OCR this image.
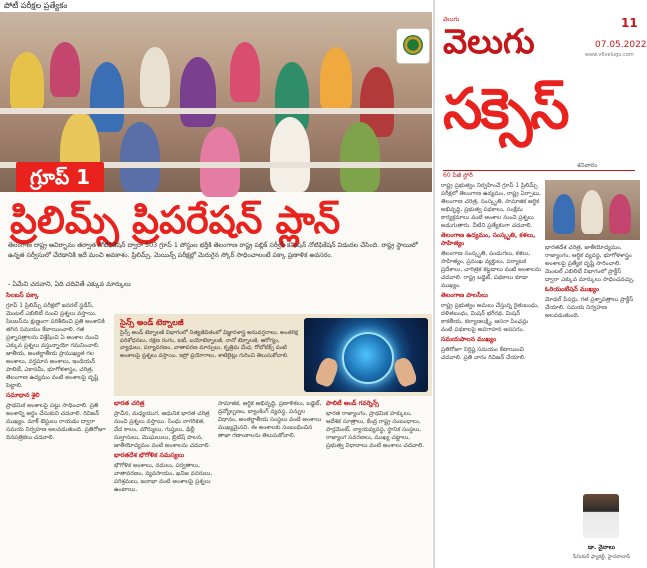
పోటీ పరీక్షల ప్రత్యేకం
గ్రూప్ 1
ప్రిలిమ్స్ ప్రిపరేషన్ ప్లాన్
తెలంగాణ రాష్ట్ర ఆవిర్భావం తర్వాత నోటిఫికేషన్ ద్వారా 503 గ్రూప్ 1 పోస్టుల భర్తీకి తెలంగాణ రాష్ట్ర పబ్లిక్ సర్వీస్ కమిషన్ నోటిఫికేషన్ విడుదల చేసింది. రాష్ట్ర స్థాయిలో ఉన్నత సర్వీసులో చేరడానికి ఇదే మంచి అవకాశం. ప్రిలిమ్స్, మెయిన్స్ పరీక్షల్లో మెరుగైన స్కోర్ సాధించాలంటే పక్కా ప్రణాళిక అవసరం.
- ఏమేని చదవాని, ఏది చదివితే ఎక్కువ మార్కులు

సిలబస్ పక్కా

గ్రూప్ 1 ప్రిలిమ్స్ పరీక్షలో జనరల్ స్టడీస్, మెంటల్ ఎబిలిటీ నుంచి ప్రశ్నలు వస్తాయి. సిలబస్‌ను క్షుణ్ణంగా పరిశీలించి ప్రతి అంశానికి తగిన సమయం కేటాయించాలి. గత ప్రశ్నాపత్రాలను విశ్లేషించి ఏ అంశాల నుంచి ఎక్కువ ప్రశ్నలు వస్తున్నాయో గమనించాలి. జాతీయ, అంతర్జాతీయ ప్రాముఖ్యత గల అంశాలు, వర్తమాన అంశాలు, ఇండియన్ పాలిటీ, ఎకానమీ, భూగోళశాస్త్రం, చరిత్ర, తెలంగాణ ఉద్యమం వంటి అంశాలపై దృష్టి పెట్టాలి.

సమాధాన శైలి

ప్రాథమిక అంశాలపై పట్టు సాధించాలి. ప్రతి అంశాన్ని అర్థం చేసుకుని చదవాలి. రివిజన్ ముఖ్యం. మాక్ టెస్టులు రాయడం ద్వారా సమయ నిర్వహణ అలవడుతుంది. ప్రతిరోజూ దినపత్రికలు చదవాలి.

సైన్స్ అండ్ టెక్నాలజీ
సైన్స్ అండ్ టెక్నాలజీ విభాగంలో నిత్యజీవితంలో విజ్ఞానశాస్త్ర అనువర్తనాలు, అంతరిక్ష పరిశోధనలు, రక్షణ రంగం, ఐటీ, బయోటెక్నాలజీ, నానో టెక్నాలజీ, ఆరోగ్యం, వ్యాధులు, పర్యావరణం, వాతావరణ మార్పులు, కృత్రిమ మేధ, రోబోటిక్స్ వంటి అంశాలపై ప్రశ్నలు వస్తాయి. ఇస్రో ప్రయోగాలు, శాటిలైట్లు గురించి తెలుసుకోవాలి.

భారత చరిత్ర

ప్రాచీన, మధ్యయుగ, ఆధునిక భారత చరిత్ర నుంచి ప్రశ్నలు వస్తాయి. సింధు నాగరికత, వేద కాలం, మౌర్యులు, గుప్తులు, ఢిల్లీ సుల్తానులు, మొఘలులు, బ్రిటిష్ పాలన, జాతీయోద్యమం వంటి అంశాలను చదవాలి.

భారతదేశ భౌగోళిక సమస్యలు

భౌగోళిక అంశాలు, నదులు, పర్వతాలు, వాతావరణం, వ్యవసాయం, ఖనిజ వనరులు, పరిశ్రమలు, జనాభా వంటి అంశాలపై ప్రశ్నలు ఉంటాయి.

సామాజిక, ఆర్థిక అభివృద్ధి, ప్రణాళికలు, బడ్జెట్, ద్రవ్యోల్బణం, బ్యాంకింగ్ వ్యవస్థ, పన్నుల విధానం, అంతర్జాతీయ సంస్థలు వంటి అంశాలు ముఖ్యమైనవి. ఈ అంశాలకు సంబంధించిన తాజా గణాంకాలను తెలుసుకోవాలి.

పాలిటీ అండ్ గవర్నెన్స్

భారత రాజ్యాంగం, ప్రాథమిక హక్కులు, ఆదేశిక సూత్రాలు, కేంద్ర రాష్ట్ర సంబంధాలు, పార్లమెంట్, న్యాయవ్యవస్థ, స్థానిక సంస్థలు, రాజ్యాంగ సవరణలు, ముఖ్య చట్టాలు, ప్రభుత్వ విధానాలు వంటి అంశాలు చదవాలి.

వెలుగు
వెలుగు	11
07.05.2022
www.v6velugu.com
సక్సెస్
శనివారం
60 పేజీ స్టోరీ

రాష్ట్ర ప్రభుత్వం నిర్వహించే గ్రూప్ 1 ప్రిలిమ్స్ పరీక్షలో తెలంగాణ ఉద్యమం, రాష్ట్ర ఏర్పాటు, తెలంగాణ చరిత్ర, సంస్కృతి, సామాజిక ఆర్థిక అభివృద్ధి, ప్రభుత్వ పథకాలు, సంక్షేమ కార్యక్రమాలు వంటి అంశాల నుంచి ప్రశ్నలు అడుగుతారు. వీటిని ప్రత్యేకంగా చదవాలి.

తెలంగాణ ఉద్యమం, సంస్కృతి, కళలు, సాహిత్యం

తెలంగాణ సంస్కృతి, పండుగలు, కళలు, సాహిత్యం, ప్రముఖ వ్యక్తులు, పర్యాటక ప్రదేశాలు, చారిత్రక కట్టడాలు వంటి అంశాలను చదవాలి. రాష్ట్ర బడ్జెట్, పథకాలు కూడా ముఖ్యం.

తెలంగాణ పాలసీలు

రాష్ట్ర ప్రభుత్వం అమలు చేస్తున్న రైతుబంధు, దళితబంధు, మిషన్ భగీరథ, మిషన్ కాకతీయ, కల్యాణలక్ష్మి, ఆసరా పింఛన్లు వంటి పథకాలపై అవగాహన అవసరం.

సమయపాలన ముఖ్యం

ప్రతిరోజూ నిర్దిష్ట సమయం కేటాయించి చదవాలి. ప్రతి వారం రివిజన్ చేయాలి.

భారతదేశ చరిత్ర, జాతీయోద్యమం, రాజ్యాంగం, ఆర్థిక వ్యవస్థ, భూగోళశాస్త్రం అంశాలపై ప్రత్యేక దృష్టి సారించాలి. మెంటల్ ఎబిలిటీ విభాగంలో ప్రాక్టీస్ ద్వారా ఎక్కువ మార్కులు సాధించవచ్చు.

ఓరియంటేషన్ ముఖ్యం

మోడల్ పేపర్లు, గత ప్రశ్నాపత్రాలు ప్రాక్టీస్ చేయాలి. సమయ నిర్వహణ అలవడుతుంది.

డా. నైనాలు
సీనియర్ ఫ్యాకల్టీ, హైదరాబాద్
